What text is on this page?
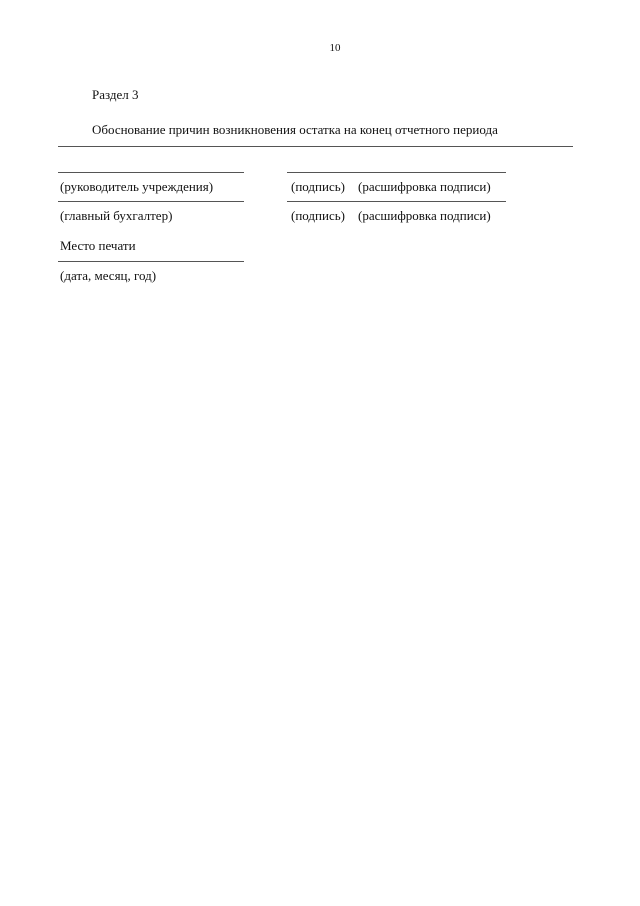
10
Раздел 3
Обоснование причин возникновения остатка на конец отчетного периода
(руководитель учреждения)	(подпись) (расшифровка подписи)
(главный бухгалтер)	(подпись) (расшифровка подписи)
Место печати
(дата, месяц, год)
